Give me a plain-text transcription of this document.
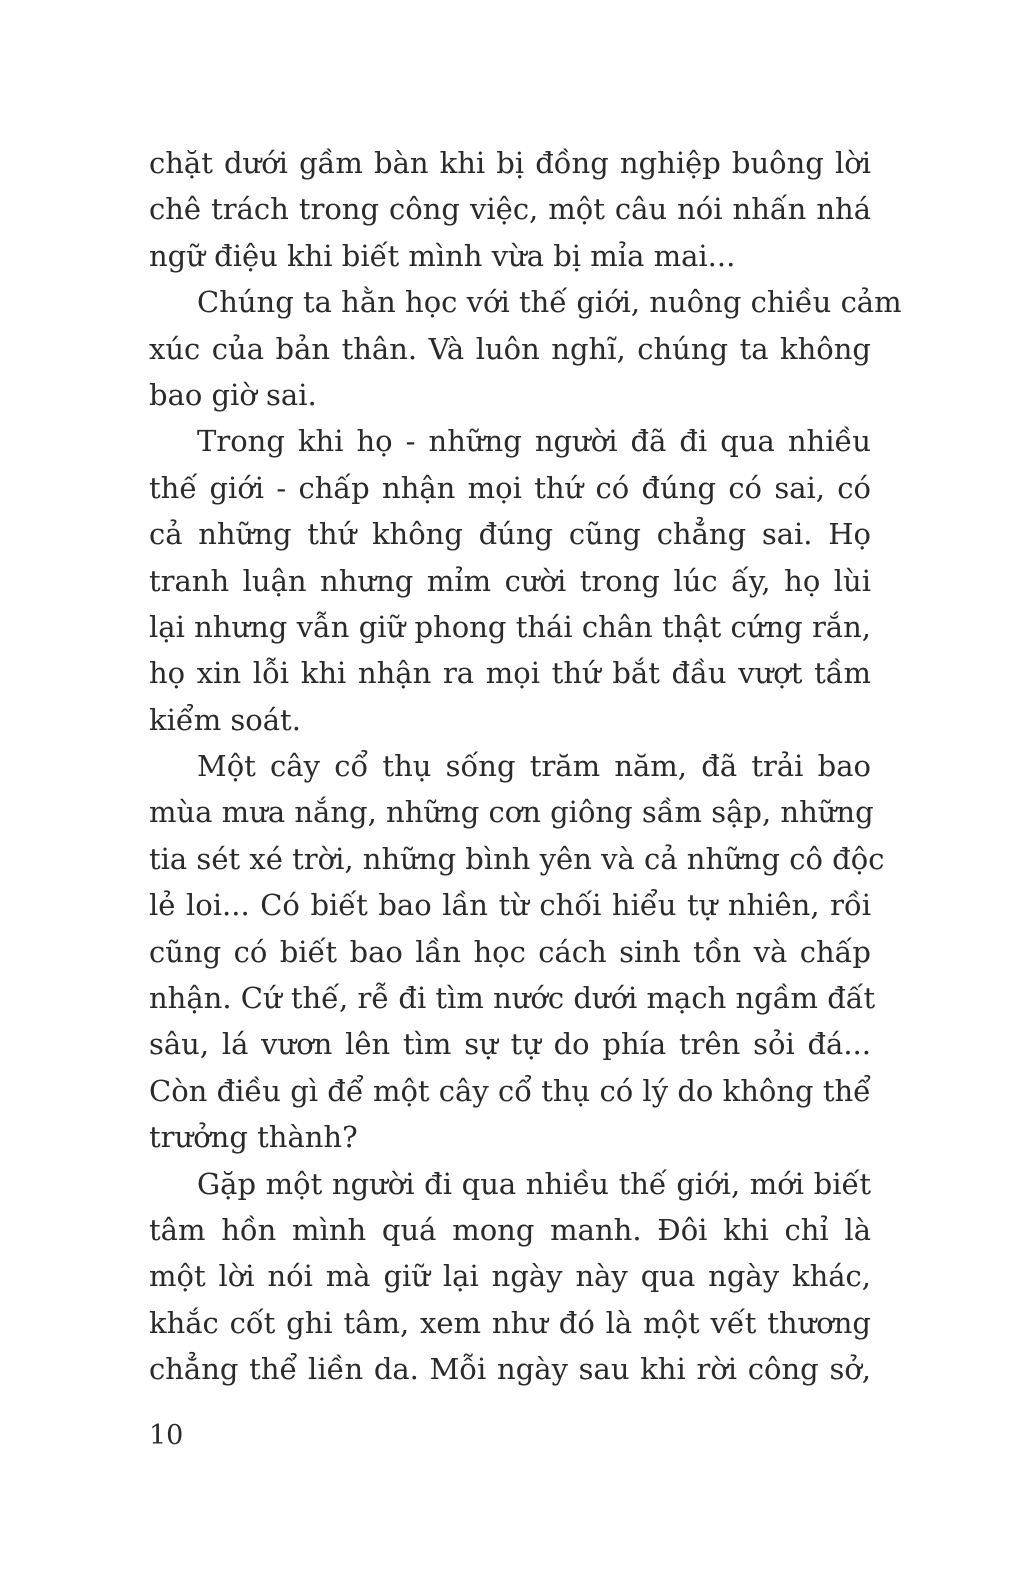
chặt dưới gầm bàn khi bị đồng nghiệp buông lời
chê trách trong công việc, một câu nói nhấn nhá
ngữ điệu khi biết mình vừa bị mỉa mai...
Chúng ta hằn học với thế giới, nuông chiều cảm
xúc của bản thân. Và luôn nghĩ, chúng ta không
bao giờ sai.
Trong khi họ - những người đã đi qua nhiều
thế giới - chấp nhận mọi thứ có đúng có sai, có
cả những thứ không đúng cũng chẳng sai. Họ
tranh luận nhưng mỉm cười trong lúc ấy, họ lùi
lại nhưng vẫn giữ phong thái chân thật cứng rắn,
họ xin lỗi khi nhận ra mọi thứ bắt đầu vượt tầm
kiểm soát.
Một cây cổ thụ sống trăm năm, đã trải bao
mùa mưa nắng, những cơn giông sầm sập, những
tia sét xé trời, những bình yên và cả những cô độc
lẻ loi... Có biết bao lần từ chối hiểu tự nhiên, rồi
cũng có biết bao lần học cách sinh tồn và chấp
nhận. Cứ thế, rễ đi tìm nước dưới mạch ngầm đất
sâu, lá vươn lên tìm sự tự do phía trên sỏi đá...
Còn điều gì để một cây cổ thụ có lý do không thể
trưởng thành?
Gặp một người đi qua nhiều thế giới, mới biết
tâm hồn mình quá mong manh. Đôi khi chỉ là
một lời nói mà giữ lại ngày này qua ngày khác,
khắc cốt ghi tâm, xem như đó là một vết thương
chẳng thể liền da. Mỗi ngày sau khi rời công sở,
10
